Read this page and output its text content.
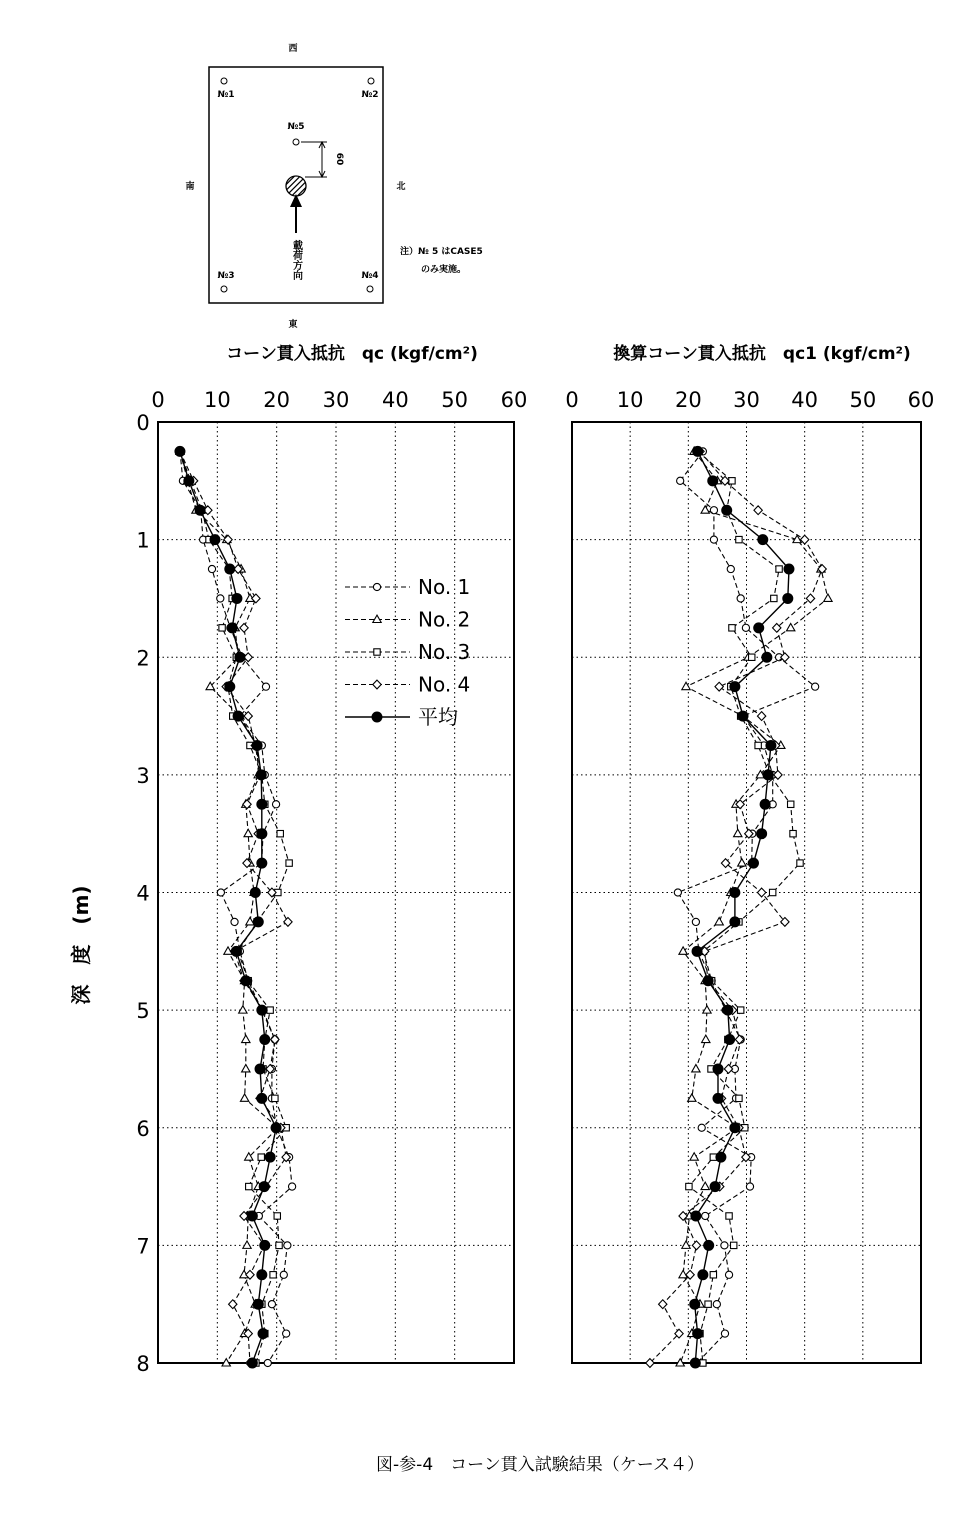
西
東
南	北
№1	№2
№3	№4
№5
60
載荷方向	注）№ 5 はCASE5
のみ実施。
コーン貫入抵抗　qc (kgf/cm²)	換算コーン貫入抵抗　qc1 (kgf/cm²)
深　度　(m)
0 10 20 30 40 50 60
0
1
2
3
4
5
6
7
8
No. 1
No. 2
No. 3
No. 4
平均
0 10 20 30 40 50 60
図-参-4　コーン貫入試験結果（ケース４）
